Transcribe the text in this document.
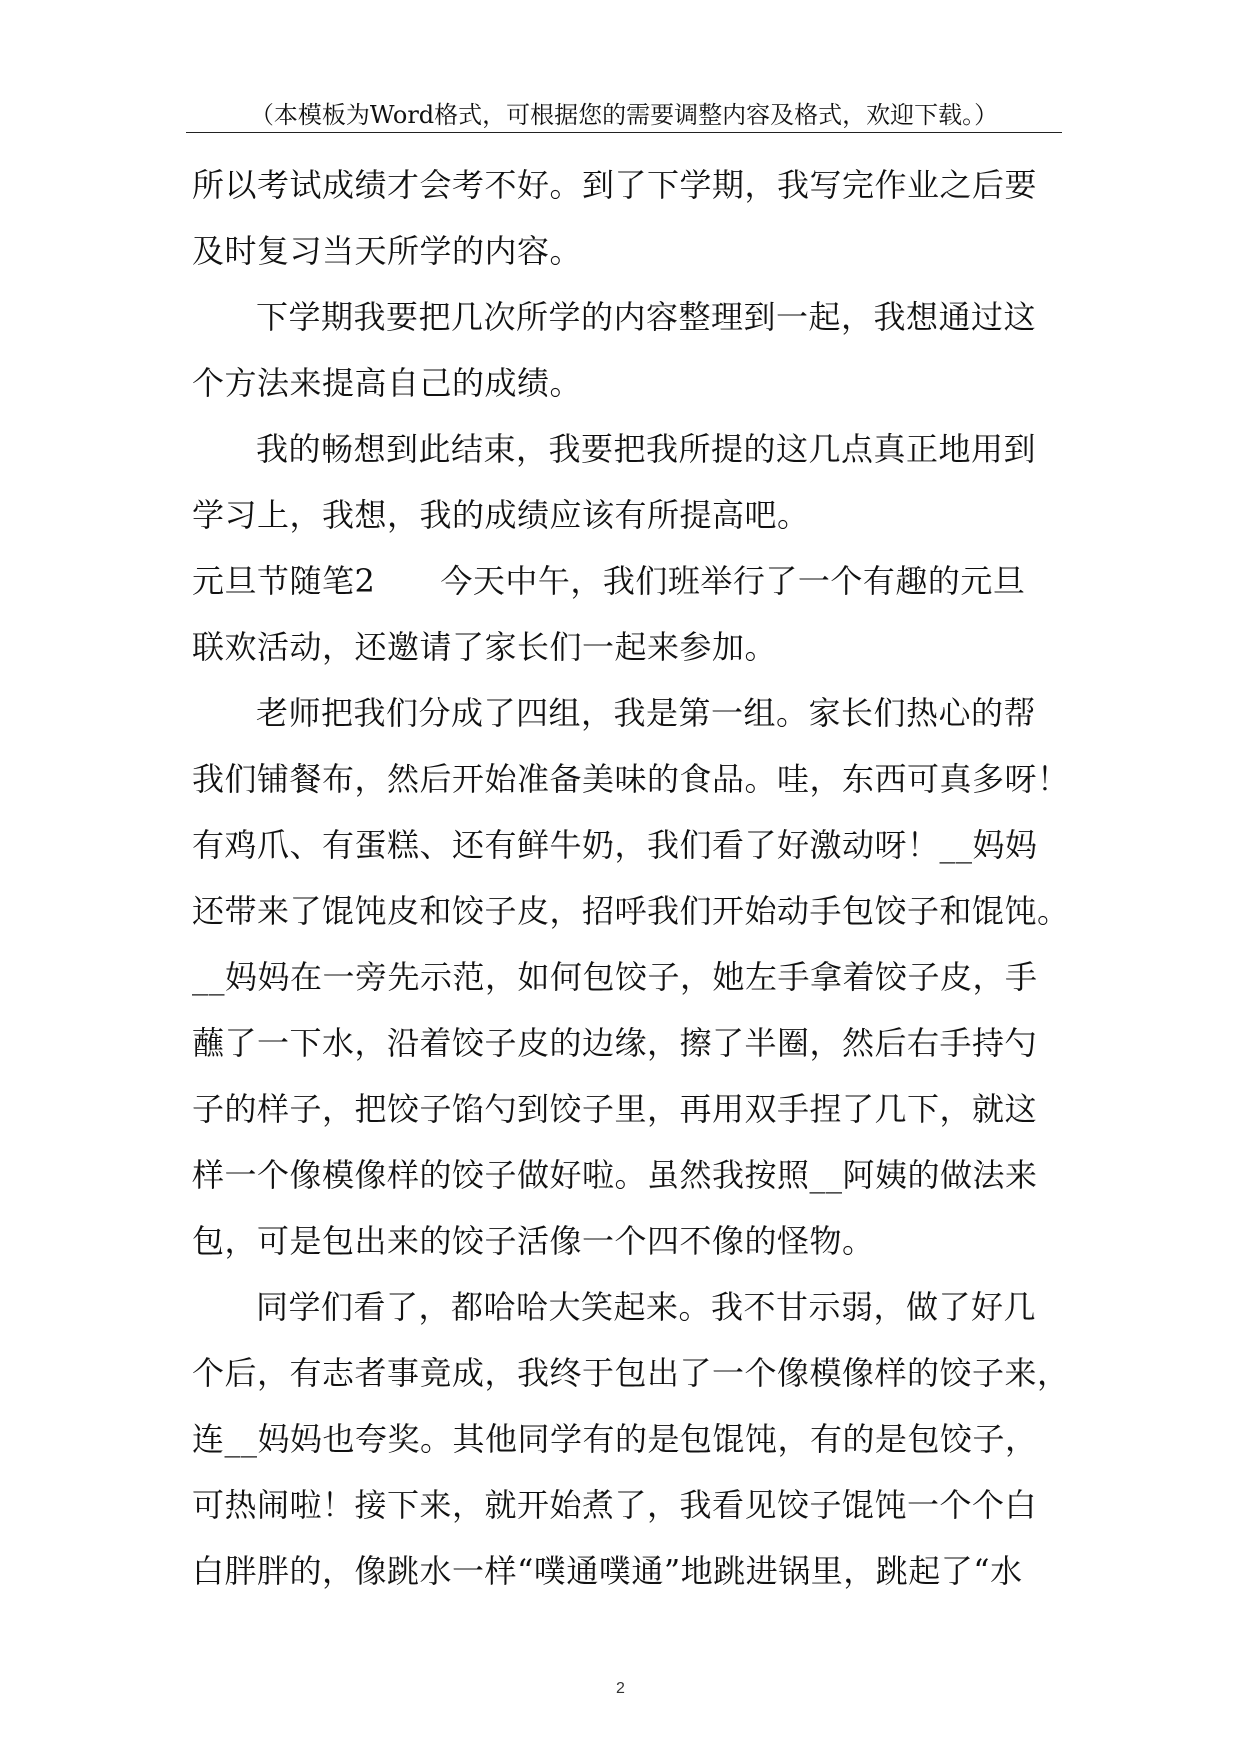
（本模板为Word格式，可根据您的需要调整内容及格式，欢迎下载。）
所以考试成绩才会考不好。到了下学期，我写完作业之后要
及时复习当天所学的内容。
下学期我要把几次所学的内容整理到一起，我想通过这
个方法来提高自己的成绩。
我的畅想到此结束，我要把我所提的这几点真正地用到
学习上，我想，我的成绩应该有所提高吧。
元旦节随笔2　　今天中午，我们班举行了一个有趣的元旦
联欢活动，还邀请了家长们一起来参加。
老师把我们分成了四组，我是第一组。家长们热心的帮
我们铺餐布，然后开始准备美味的食品。哇，东西可真多呀！
有鸡爪、有蛋糕、还有鲜牛奶，我们看了好激动呀！__妈妈
还带来了馄饨皮和饺子皮，招呼我们开始动手包饺子和馄饨。
__妈妈在一旁先示范，如何包饺子，她左手拿着饺子皮，手
蘸了一下水，沿着饺子皮的边缘，擦了半圈，然后右手持勺
子的样子，把饺子馅勺到饺子里，再用双手捏了几下，就这
样一个像模像样的饺子做好啦。虽然我按照__阿姨的做法来
包，可是包出来的饺子活像一个四不像的怪物。
同学们看了，都哈哈大笑起来。我不甘示弱，做了好几
个后，有志者事竟成，我终于包出了一个像模像样的饺子来，
连__妈妈也夸奖。其他同学有的是包馄饨，有的是包饺子，
可热闹啦！接下来，就开始煮了，我看见饺子馄饨一个个白
白胖胖的，像跳水一样“噗通噗通”地跳进锅里，跳起了“水
2
